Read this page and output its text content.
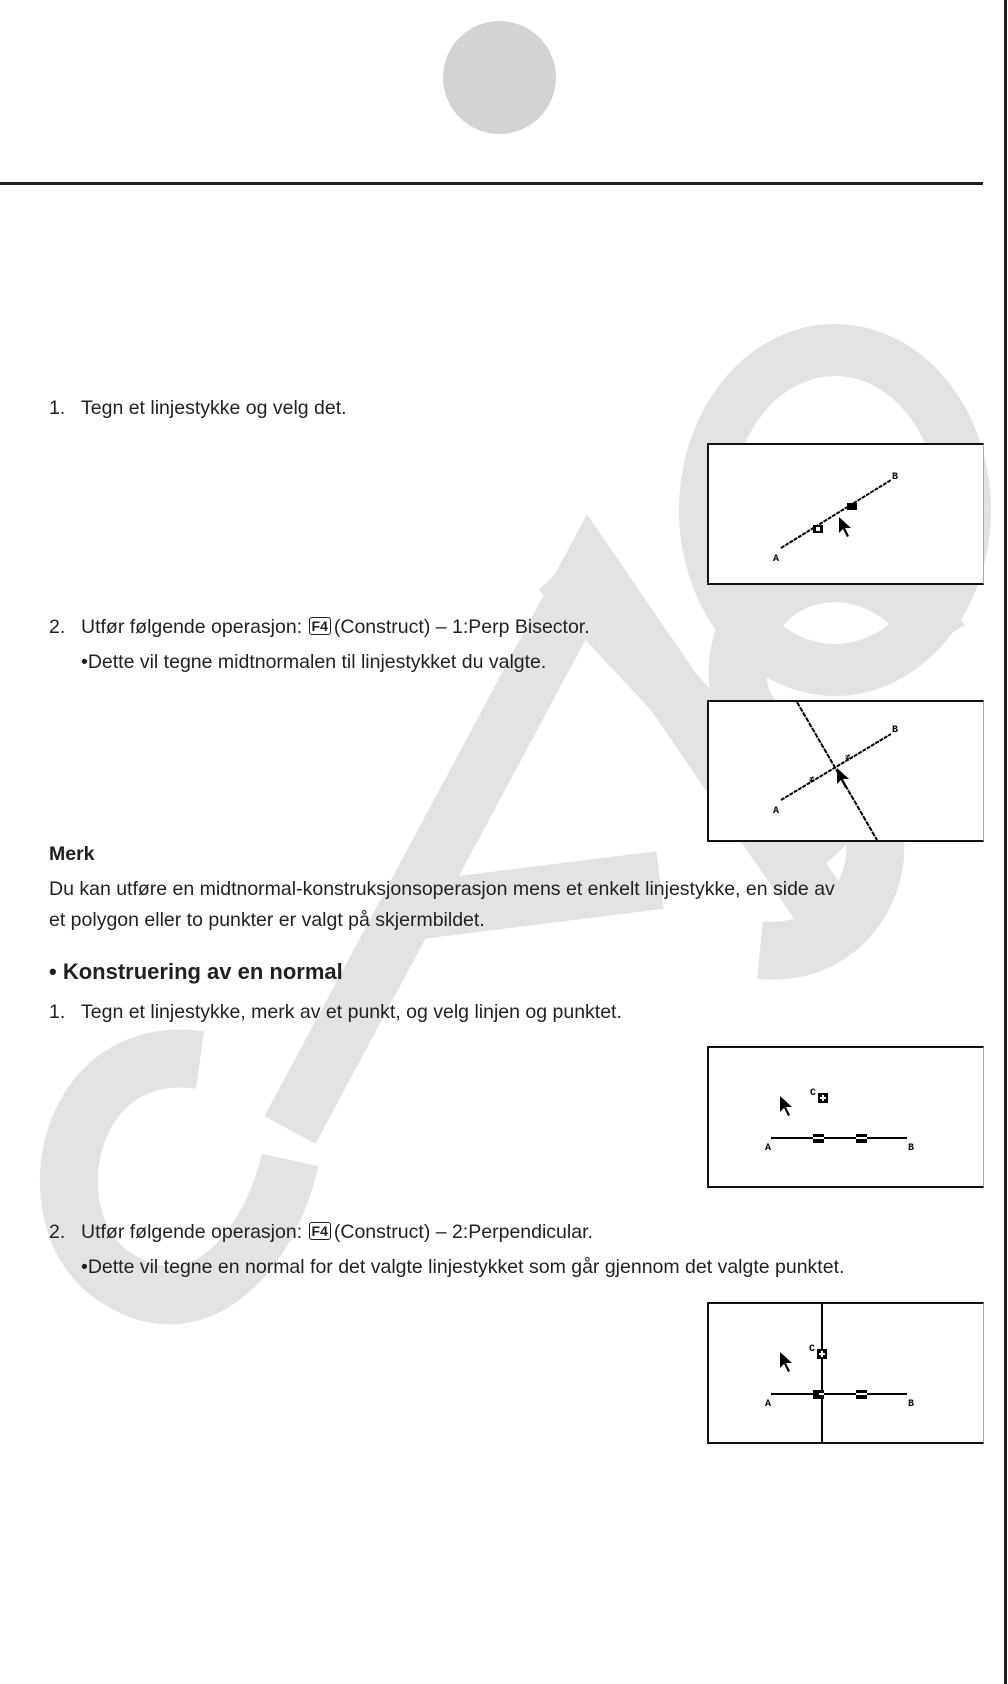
1. Tegn et linjestykke og velg det.
A
B
2. Utfør følgende operasjon: F4 (Construct) – 1:Perp Bisector.
•Dette vil tegne midtnormalen til linjestykket du valgte.
≠
≠
A
B
Merk
Du kan utføre en midtnormal-konstruksjonsoperasjon mens et enkelt linjestykke, en side av
et polygon eller to punkter er valgt på skjermbildet.
• Konstruering av en normal
1. Tegn et linjestykke, merk av et punkt, og velg linjen og punktet.
A	B
C
2. Utfør følgende operasjon: F4 (Construct) – 2:Perpendicular.
•Dette vil tegne en normal for det valgte linjestykket som går gjennom det valgte punktet.
A	B
C
